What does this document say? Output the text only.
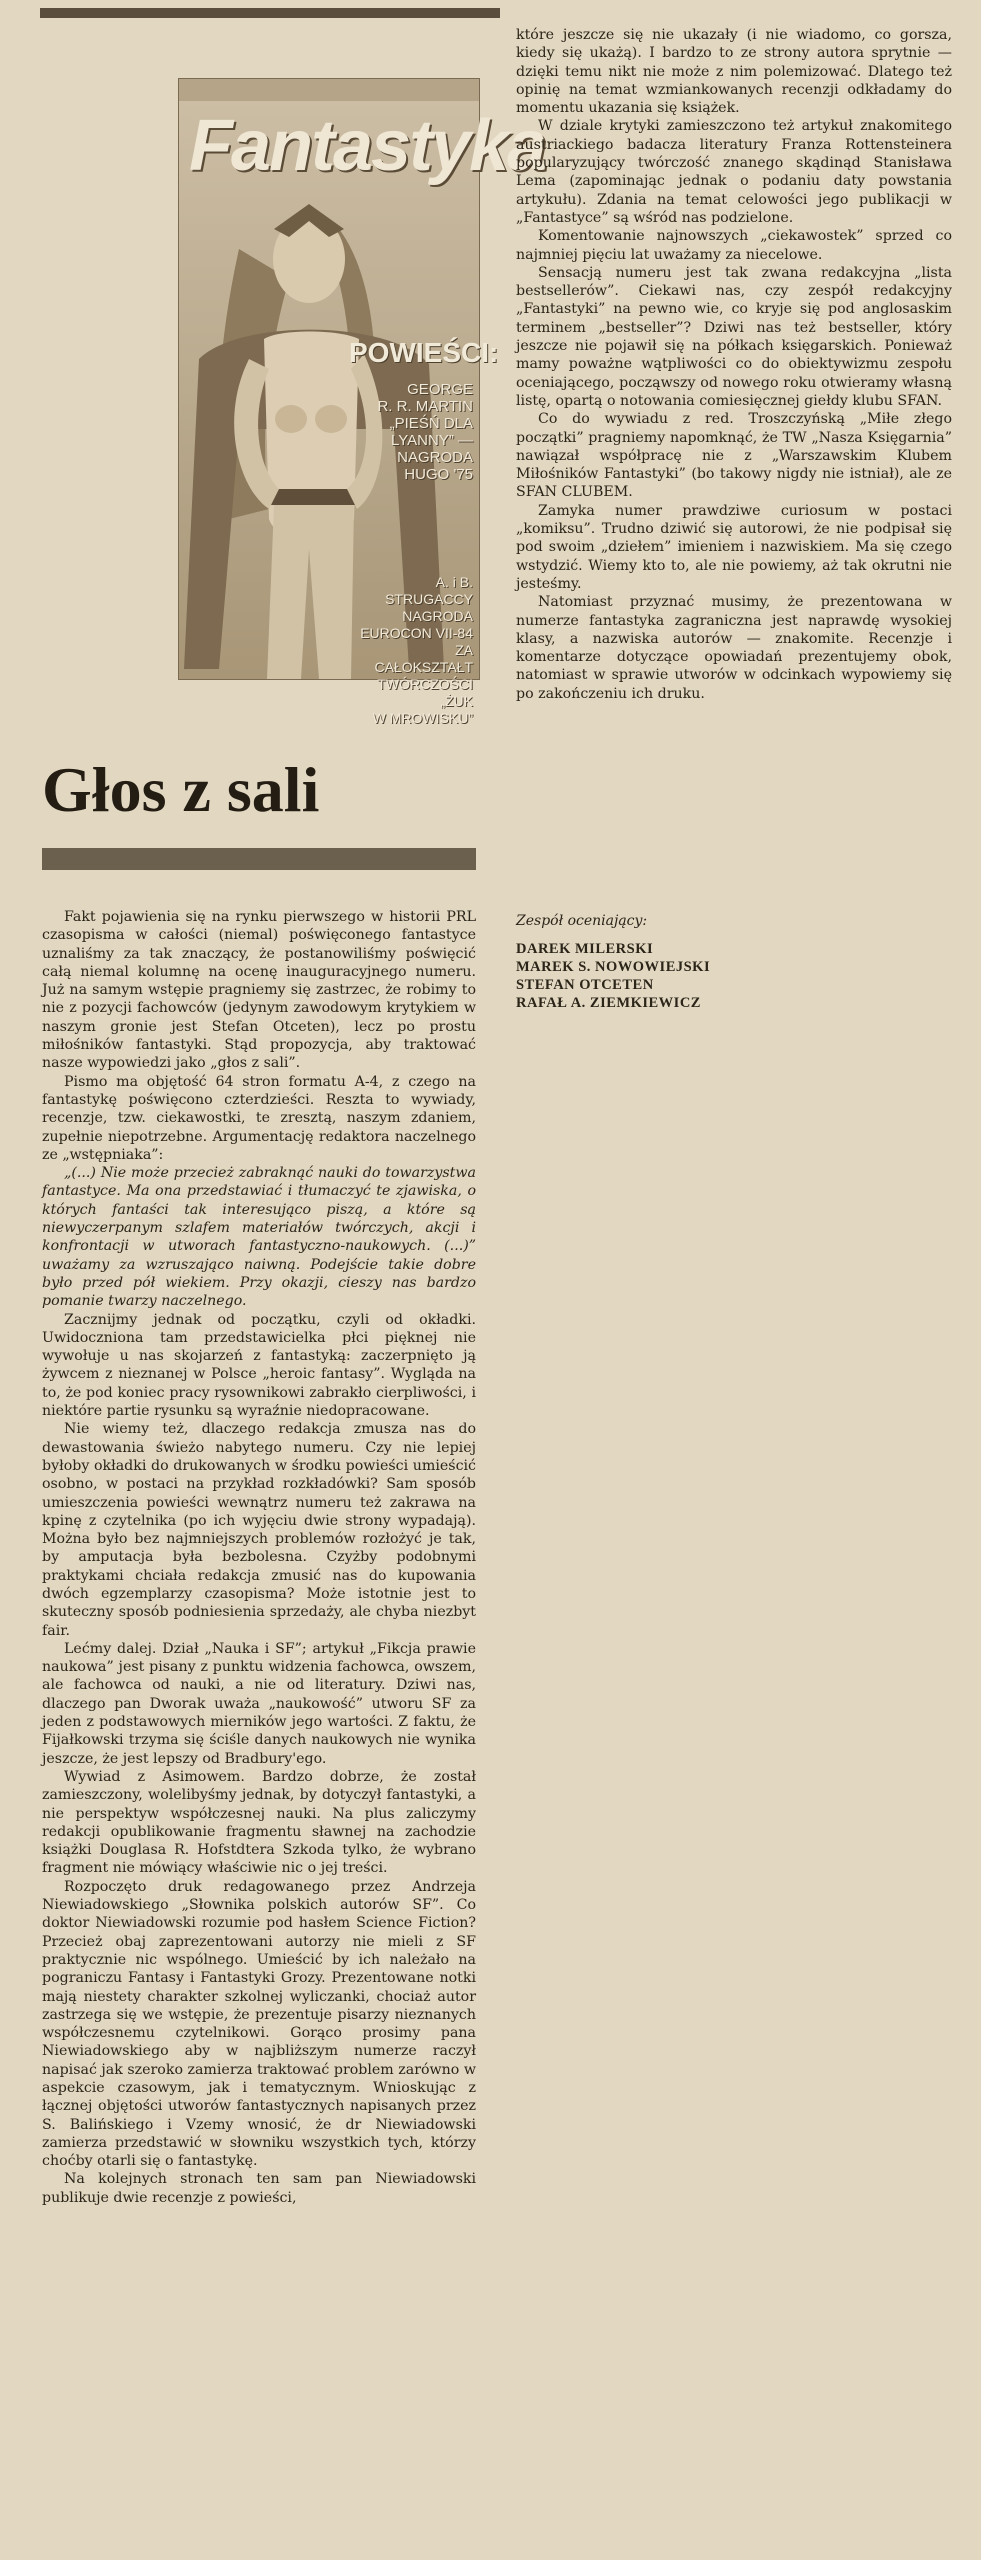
Fantastyka
POWIEŚCI:
GEORGE
R. R. MARTIN
„PIEŚŃ DLA
LYANNY” —
NAGRODA
HUGO '75
A. i B.
STRUGACCY
NAGRODA
EUROCON VII-84
ZA
CAŁOKSZTAŁT
TWÓRCZOŚCI
„ŻUK
W MROWISKU”
Głos z sali

Fakt pojawienia się na rynku pierwszego w historii PRL czasopisma w całości (niemal) poświęconego fantastyce uznaliśmy za tak znaczący, że postanowiliśmy poświęcić całą niemal kolumnę na ocenę inauguracyjnego numeru. Już na samym wstępie pragniemy się zastrzec, że robimy to nie z pozycji fachowców (jedynym zawodowym krytykiem w naszym gronie jest Stefan Otceten), lecz po prostu miłośników fantastyki. Stąd propozycja, aby traktować nasze wypowiedzi jako „głos z sali”.

Pismo ma objętość 64 stron formatu A-4, z czego na fantastykę poświęcono czterdzieści. Reszta to wywiady, recenzje, tzw. ciekawostki, te zresztą, naszym zdaniem, zupełnie niepotrzebne. Argumentację redaktora naczelnego ze „wstępniaka”:

„(...) Nie może przecież zabraknąć nauki do towarzystwa fantastyce. Ma ona przedstawiać i tłumaczyć te zjawiska, o których fantaści tak interesująco piszą, a które są niewyczerpanym szlafem materiałów twórczych, akcji i konfrontacji w utworach fantastyczno-naukowych. (...)” uważamy za wzruszająco naiwną. Podejście takie dobre było przed pół wiekiem. Przy okazji, cieszy nas bardzo pomanie twarzy naczelnego.

Zacznijmy jednak od początku, czyli od okładki. Uwidoczniona tam przedstawicielka płci pięknej nie wywołuje u nas skojarzeń z fantastyką: zaczerpnięto ją żywcem z nieznanej w Polsce „heroic fantasy”. Wygląda na to, że pod koniec pracy rysownikowi zabrakło cierpliwości, i niektóre partie rysunku są wyraźnie niedopracowane.

Nie wiemy też, dlaczego redakcja zmusza nas do dewastowania świeżo nabytego numeru. Czy nie lepiej byłoby okładki do drukowanych w środku powieści umieścić osobno, w postaci na przykład rozkładówki? Sam sposób umieszczenia powieści wewnątrz numeru też zakrawa na kpinę z czytelnika (po ich wyjęciu dwie strony wypadają). Można było bez najmniejszych problemów rozłożyć je tak, by amputacja była bezbolesna. Czyżby podobnymi praktykami chciała redakcja zmusić nas do kupowania dwóch egzemplarzy czasopisma? Może istotnie jest to skuteczny sposób podniesienia sprzedaży, ale chyba niezbyt fair.

Lećmy dalej. Dział „Nauka i SF”; artykuł „Fikcja prawie naukowa” jest pisany z punktu widzenia fachowca, owszem, ale fachowca od nauki, a nie od literatury. Dziwi nas, dlaczego pan Dworak uważa „naukowość” utworu SF za jeden z podstawowych mierników jego wartości. Z faktu, że Fijałkowski trzyma się ściśle danych naukowych nie wynika jeszcze, że jest lepszy od Bradbury'ego.

Wywiad z Asimowem. Bardzo dobrze, że został zamieszczony, wolelibyśmy jednak, by dotyczył fantastyki, a nie perspektyw współczesnej nauki. Na plus zaliczymy redakcji opublikowanie fragmentu sławnej na zachodzie książki Douglasa R. Hofstdtera Szkoda tylko, że wybrano fragment nie mówiący właściwie nic o jej treści.

Rozpoczęto druk redagowanego przez Andrzeja Niewiadowskiego „Słownika polskich autorów SF”. Co doktor Niewiadowski rozumie pod hasłem Science Fiction? Przecież obaj zaprezentowani autorzy nie mieli z SF praktycznie nic wspólnego. Umieścić by ich należało na pograniczu Fantasy i Fantastyki Grozy. Prezentowane notki mają niestety charakter szkolnej wyliczanki, chociaż autor zastrzega się we wstępie, że prezentuje pisarzy nieznanych współczesnemu czytelnikowi. Gorąco prosimy pana Niewiadowskiego aby w najbliższym numerze raczył napisać jak szeroko zamierza traktować problem zarówno w aspekcie czasowym, jak i tematycznym. Wnioskując z łącznej objętości utworów fantastycznych napisanych przez S. Balińskiego i Vzemy wnosić, że dr Niewiadowski zamierza przedstawić w słowniku wszystkich tych, którzy choćby otarli się o fantastykę.

Na kolejnych stronach ten sam pan Niewiadowski publikuje dwie recenzje z powieści,

które jeszcze się nie ukazały (i nie wiadomo, co gorsza, kiedy się ukażą). I bardzo to ze strony autora sprytnie — dzięki temu nikt nie może z nim polemizować. Dlatego też opinię na temat wzmiankowanych recenzji odkładamy do momentu ukazania się książek.

W dziale krytyki zamieszczono też artykuł znakomitego austriackiego badacza literatury Franza Rottensteinera popularyzujący twórczość znanego skądinąd Stanisława Lema (zapominając jednak o podaniu daty powstania artykułu). Zdania na temat celowości jego publikacji w „Fantastyce” są wśród nas podzielone.

Komentowanie najnowszych „ciekawostek” sprzed co najmniej pięciu lat uważamy za niecelowe.

Sensacją numeru jest tak zwana redakcyjna „lista bestsellerów”. Ciekawi nas, czy zespół redakcyjny „Fantastyki” na pewno wie, co kryje się pod anglosaskim terminem „bestseller”? Dziwi nas też bestseller, który jeszcze nie pojawił się na półkach księgarskich. Ponieważ mamy poważne wątpliwości co do obiektywizmu zespołu oceniającego, począwszy od nowego roku otwieramy własną listę, opartą o notowania comiesięcznej giełdy klubu SFAN.

Co do wywiadu z red. Troszczyńską „Miłe złego początki” pragniemy napomknąć, że TW „Nasza Księgarnia” nawiązał współpracę nie z „Warszawskim Klubem Miłośników Fantastyki” (bo takowy nigdy nie istniał), ale ze SFAN CLUBEM.

Zamyka numer prawdziwe curiosum w postaci „komiksu”. Trudno dziwić się autorowi, że nie podpisał się pod swoim „dziełem” imieniem i nazwiskiem. Ma się czego wstydzić. Wiemy kto to, ale nie powiemy, aż tak okrutni nie jesteśmy.

Natomiast przyznać musimy, że prezentowana w numerze fantastyka zagraniczna jest naprawdę wysokiej klasy, a nazwiska autorów — znakomite. Recenzje i komentarze dotyczące opowiadań prezentujemy obok, natomiast w sprawie utworów w odcinkach wypowiemy się po zakończeniu ich druku.

Zespół oceniający:
DAREK MILERSKI
MAREK S. NOWOWIEJSKI
STEFAN OTCETEN
RAFAŁ A. ZIEMKIEWICZ
